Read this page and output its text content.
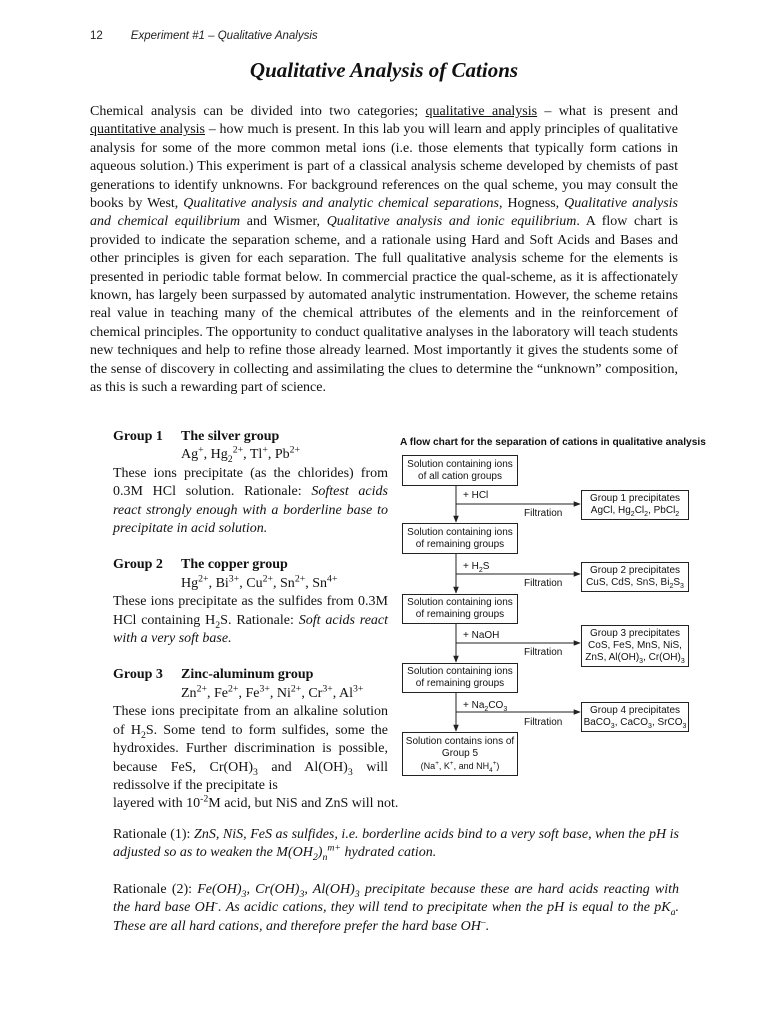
12 Experiment #1 – Qualitative Analysis
Qualitative Analysis of Cations

Chemical analysis can be divided into two categories; qualitative analysis – what is present and quantitative analysis – how much is present. In this lab you will learn and apply principles of qualitative analysis for some of the more common metal ions (i.e. those elements that typically form cations in aqueous solution.) This experiment is part of a classical analysis scheme developed by chemists of past generations to identify unknowns. For background references on the qual scheme, you may consult the books by West, Qualitative analysis and analytic chemical separations, Hogness, Qualitative analysis and chemical equilibrium and Wismer, Qualitative analysis and ionic equilibrium. A flow chart is provided to indicate the separation scheme, and a rationale using Hard and Soft Acids and Bases and other principles is given for each separation. The full qualitative analysis scheme for the elements is presented in periodic table format below. In commercial practice the qual-scheme, as it is affectionately known, has largely been surpassed by automated analytic instrumentation. However, the scheme retains real value in teaching many of the chemical attributes of the elements and in the reinforcement of chemical principles. The opportunity to conduct qualitative analyses in the laboratory will teach students new techniques and help to refine those already learned. Most importantly it gives the students some of the sense of discovery in collecting and assimilating the clues to determine the “unknown” composition, as this is such a rewarding part of science.

Group 1 The silver group
Ag+, $Hg_2^{2+}$, Tl+, $Pb^{2+}$
These ions precipitate (as the chlorides) from 0.3M HCl solution. Rationale: Softest acids react strongly enough with a borderline base to precipitate in acid solution.
Group 2 The copper group
$Hg^{2+}$, $Bi^{3+}$, $Cu^{2+}$, $Sn^{2+}$, $Sn^{4+}$
These ions precipitate as the sulfides from 0.3M HCl containing $H_2S$. Rationale: Soft acids react with a very soft base.
Group 3 Zinc-aluminum group
$Zn^{2+}$, $Fe^{2+}$, $Fe^{3+}$, $Ni^{2+}$, $Cr^{3+}$, $Al^{3+}$
These ions precipitate from an alkaline solution of $H_2S$. Some tend to form sulfides, some the hydroxides. Further discrimination is possible, because FeS, $Cr(OH)_3$ and $Al(OH)_3$ will redissolve if the precipitate is
layered with $10^{-2}M$ acid, but NiS and ZnS will not.
A flow chart for the separation of cations in qualitative analysis
Solution containing ions of all cation groups
Solution containing ions of remaining groups
Solution containing ions of remaining groups
Solution containing ions of remaining groups
Solution contains ions of Group 5
(Na+, K+, and $NH_4^+$)
+ HCl
+ $H_2S$
+ NaOH
+ $Na_2CO_3$
Filtration
Filtration
Filtration
Filtration
Group 1 precipitates
AgCl, $Hg_2Cl_2$, PbCl$_2$
Group 2 precipitates
CuS, CdS, SnS, $Bi_2S_3$
Group 3 precipitates
CoS, FeS, MnS, NiS,
ZnS, $Al(OH)_3$, $Cr(OH)_3$
Group 4 precipitates
BaCO$_3$, CaCO$_3$, SrCO$_3$

Rationale (1): ZnS, NiS, FeS as sulfides, i.e. borderline acids bind to a very soft base, when the pH is adjusted so as to weaken the $M(OH_2)_n^{m+}$ hydrated cation.

Rationale (2): $Fe(OH)_3$, $Cr(OH)_3$, $Al(OH)_3$ precipitate because these are hard acids reacting with the hard base OH-. As acidic cations, they will tend to precipitate when the pH is equal to the $pK_a$. These are all hard cations, and therefore prefer the hard base OH–.
